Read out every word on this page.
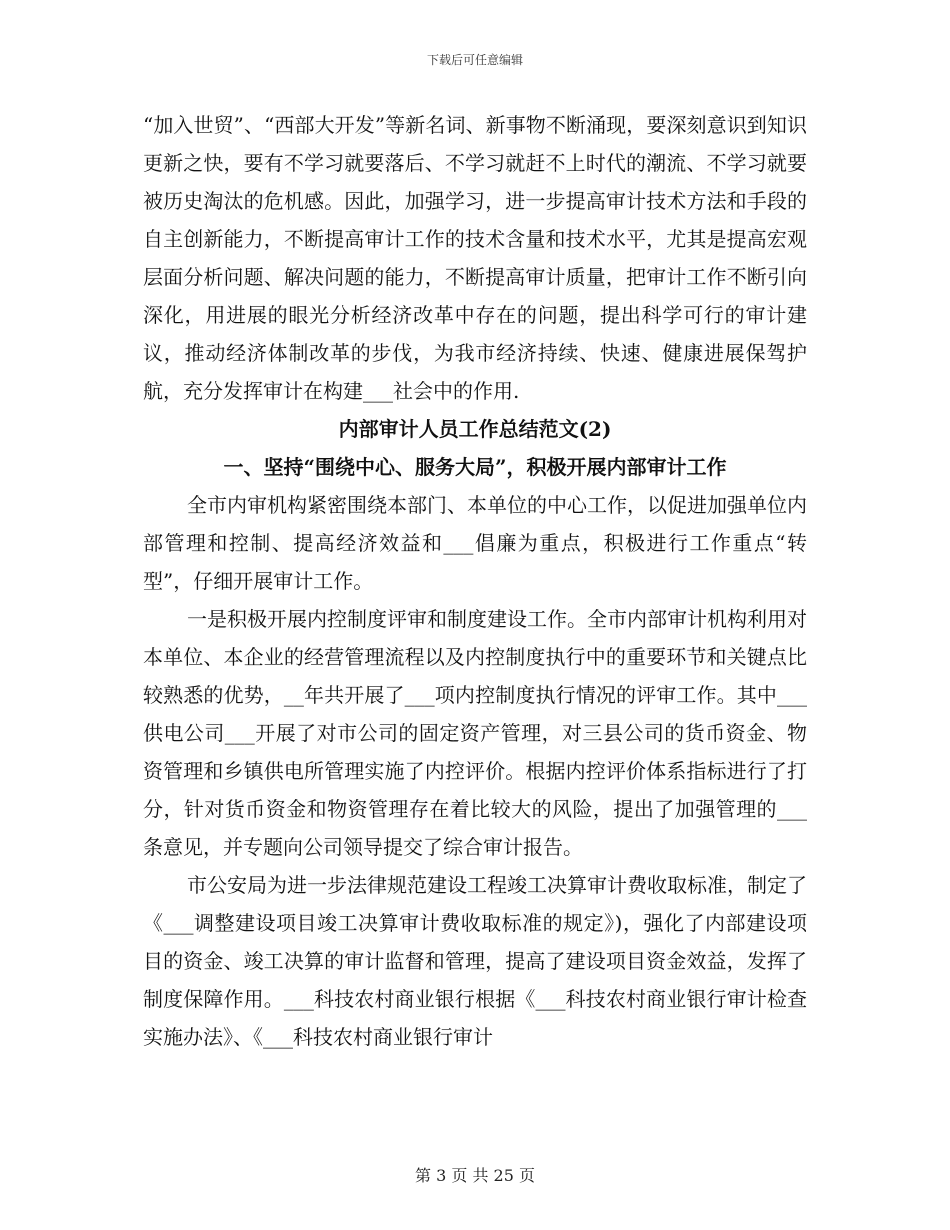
下载后可任意编辑

“加入世贸”、“西部大开发”等新名词、新事物不断涌现，要深刻意识到知识更新之快，要有不学习就要落后、不学习就赶不上时代的潮流、不学习就要被历史淘汰的危机感。因此，加强学习，进一步提高审计技术方法和手段的自主创新能力，不断提高审计工作的技术含量和技术水平，尤其是提高宏观层面分析问题、解决问题的能力，不断提高审计质量，把审计工作不断引向深化，用进展的眼光分析经济改革中存在的问题，提出科学可行的审计建议，推动经济体制改革的步伐，为我市经济持续、快速、健康进展保驾护航，充分发挥审计在构建___社会中的作用.

内部审计人员工作总结范文(2)

一、坚持“围绕中心、服务大局”，积极开展内部审计工作

全市内审机构紧密围绕本部门、本单位的中心工作，以促进加强单位内部管理和控制、提高经济效益和___倡廉为重点，积极进行工作重点“转型”，仔细开展审计工作。

一是积极开展内控制度评审和制度建设工作。全市内部审计机构利用对本单位、本企业的经营管理流程以及内控制度执行中的重要环节和关键点比较熟悉的优势，__年共开展了___项内控制度执行情况的评审工作。其中___供电公司___开展了对市公司的固定资产管理，对三县公司的货币资金、物资管理和乡镇供电所管理实施了内控评价。根据内控评价体系指标进行了打分，针对货币资金和物资管理存在着比较大的风险，提出了加强管理的___条意见，并专题向公司领导提交了综合审计报告。

市公安局为进一步法律规范建设工程竣工决算审计费收取标准，制定了《___调整建设项目竣工决算审计费收取标准的规定》)，强化了内部建设项目的资金、竣工决算的审计监督和管理，提高了建设项目资金效益，发挥了制度保障作用。___科技农村商业银行根据《___科技农村商业银行审计检查实施办法》、《___科技农村商业银行审计

第 3 页 共 25 页
